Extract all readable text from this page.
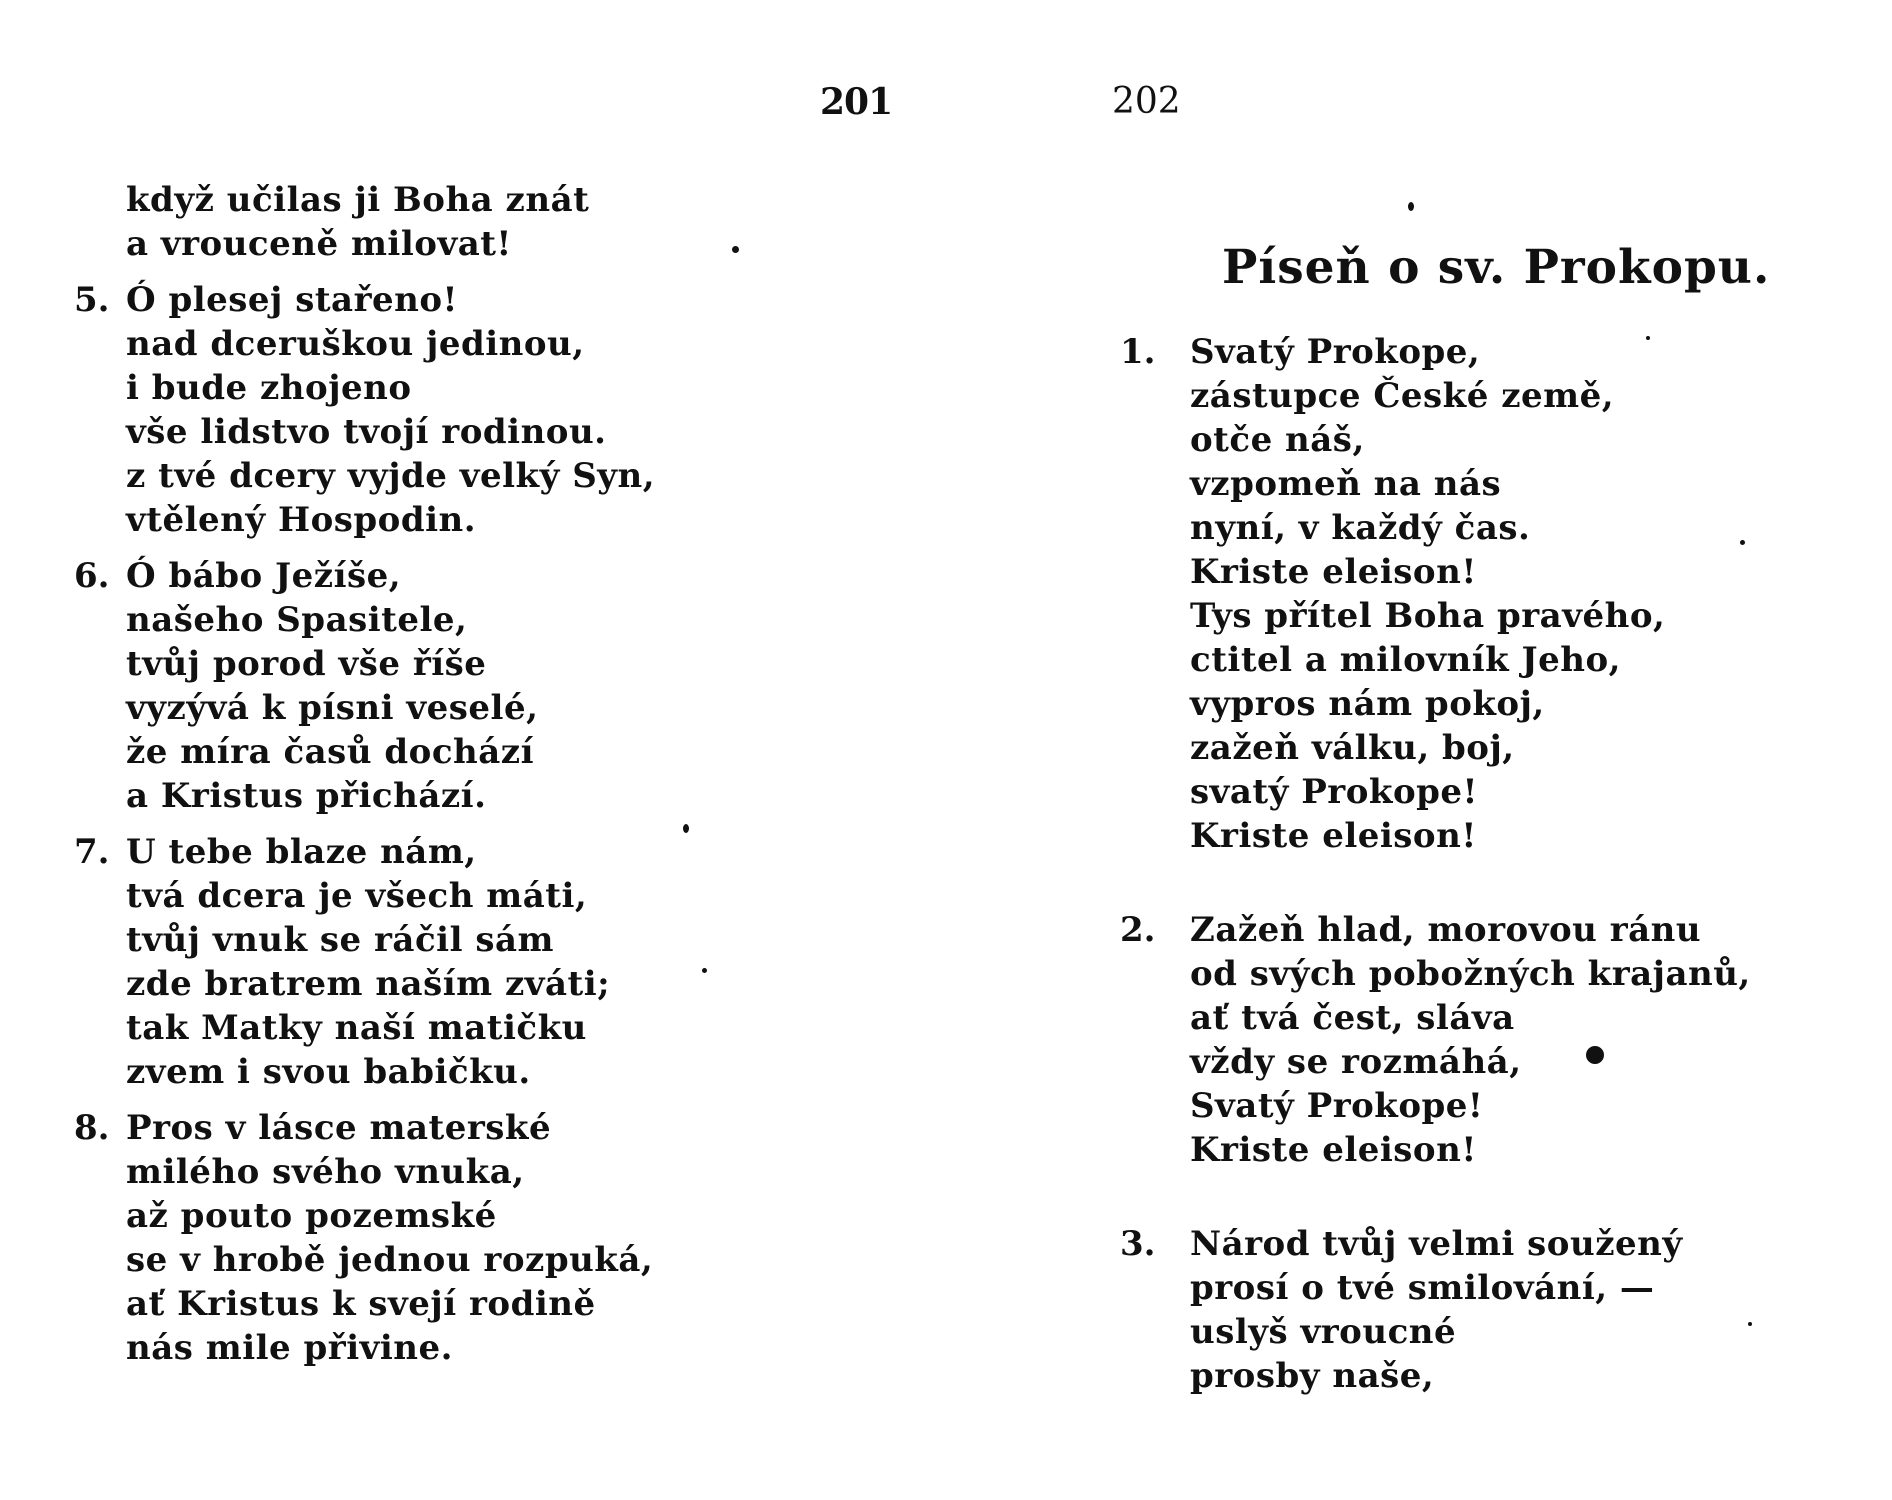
201	202
když učilas ji Boha znát
a vrouceně milovat!
5. Ó plesej stařeno!
nad dceruškou jedinou,
i bude zhojeno
vše lidstvo tvojí rodinou.
z tvé dcery vyjde velký Syn,
vtělený Hospodin.
6. Ó bábo Ježíše,
našeho Spasitele,
tvůj porod vše říše
vyzývá k písni veselé,
že míra časů dochází
a Kristus přichází.
7. U tebe blaze nám,
tvá dcera je všech máti,
tvůj vnuk se ráčil sám
zde bratrem naším zváti;
tak Matky naší matičku
zvem i svou babičku.
8. Pros v lásce materské
milého svého vnuka,
až pouto pozemské
se v hrobě jednou rozpuká,
ať Kristus k svejí rodině
nás mile přivine.
Píseň o sv. Prokopu.
1.	Svatý Prokope,
zástupce České země,
otče náš,
vzpomeň na nás
nyní, v každý čas.
Kriste eleison!
Tys přítel Boha pravého,
ctitel a milovník Jeho,
vypros nám pokoj,
zažeň válku, boj,
svatý Prokope!
Kriste eleison!
2.	Zažeň hlad, morovou ránu
od svých pobožných krajanů,
ať tvá čest, sláva
vždy se rozmáhá,
Svatý Prokope!
Kriste eleison!
3.	Národ tvůj velmi soužený
prosí o tvé smilování, —
uslyš vroucné
prosby naše,
